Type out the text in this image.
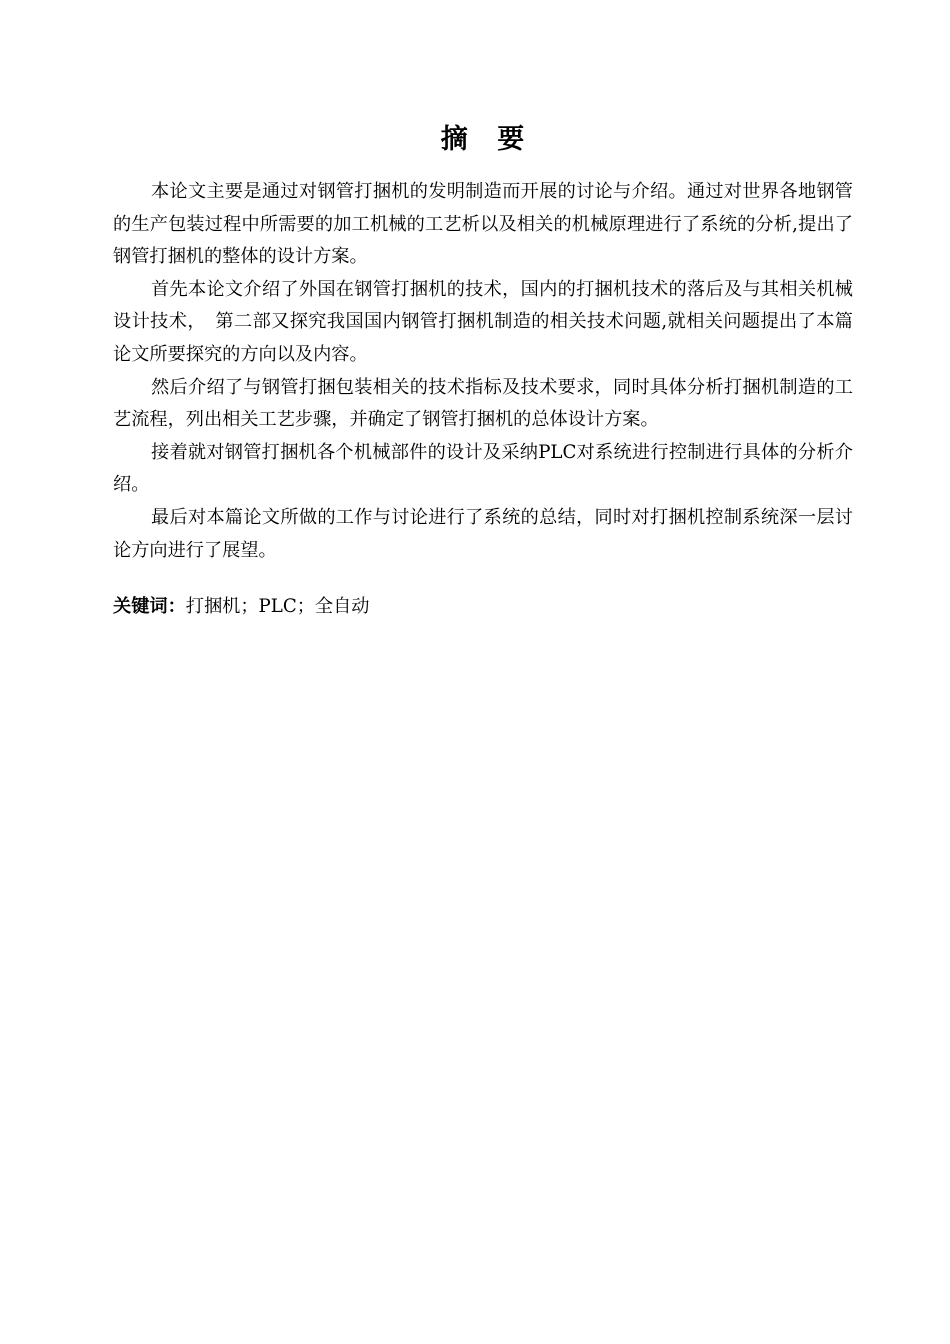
摘 要

本论文主要是通过对钢管打捆机的发明制造而开展的讨论与介绍。通过对世界各地钢管的生产包装过程中所需要的加工机械的工艺析以及相关的机械原理进行了系统的分析,提出了钢管打捆机的整体的设计方案。

首先本论文介绍了外国在钢管打捆机的技术，国内的打捆机技术的落后及与其相关机械设计技术，　第二部又探究我国国内钢管打捆机制造的相关技术问题,就相关问题提出了本篇论文所要探究的方向以及内容。

然后介绍了与钢管打捆包装相关的技术指标及技术要求，同时具体分析打捆机制造的工艺流程，列出相关工艺步骤，并确定了钢管打捆机的总体设计方案。

接着就对钢管打捆机各个机械部件的设计及采纳PLC对系统进行控制进行具体的分析介绍。

最后对本篇论文所做的工作与讨论进行了系统的总结，同时对打捆机控制系统深一层讨论方向进行了展望。

关键词：打捆机；PLC；全自动
